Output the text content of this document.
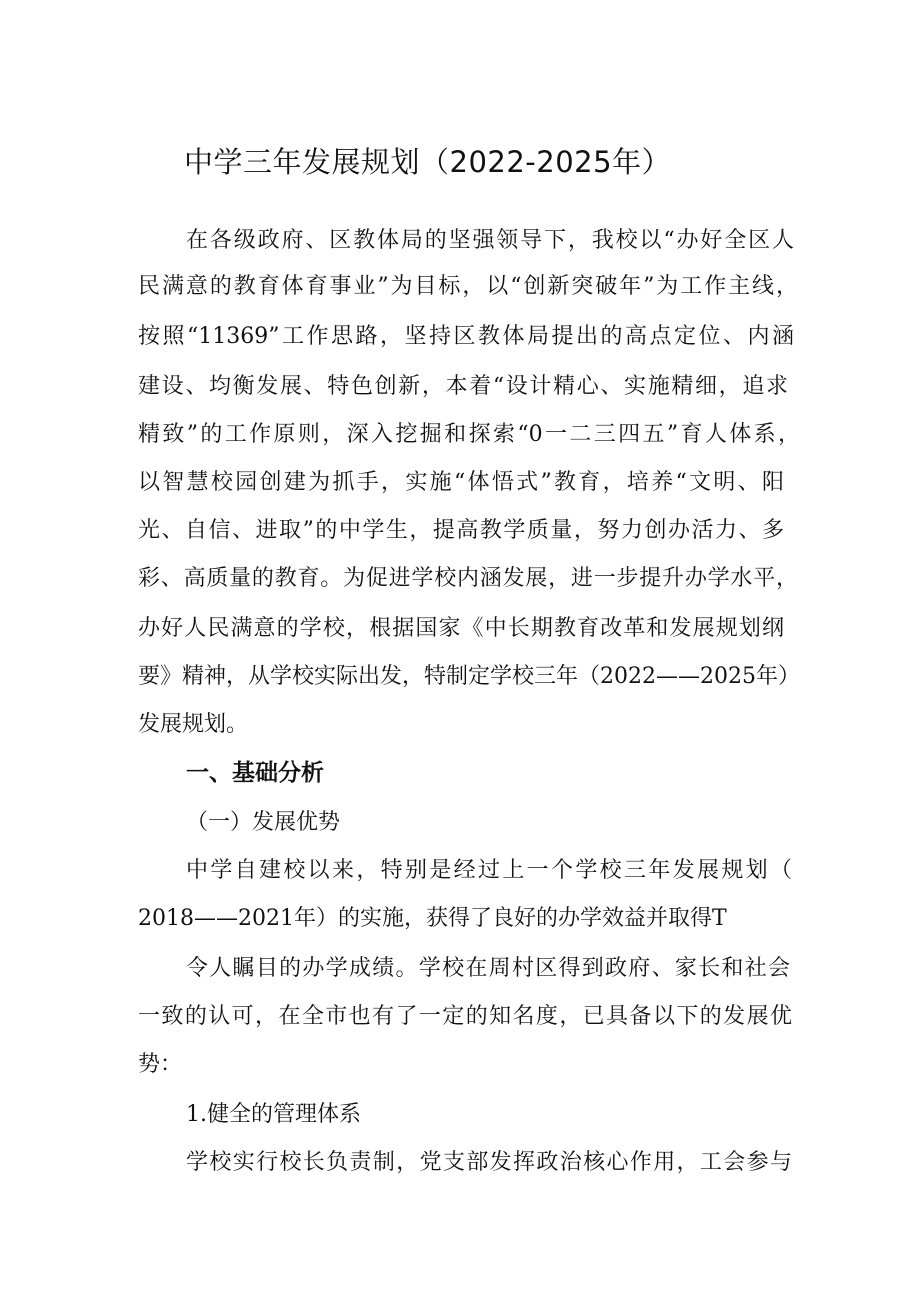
中学三年发展规划（2022-2025年）
在各级政府、区教体局的坚强领导下，我校以“办好全区人
民满意的教育体育事业”为目标，以“创新突破年”为工作主线，
按照“11369”工作思路，坚持区教体局提出的高点定位、内涵
建设、均衡发展、特色创新，本着“设计精心、实施精细，追求
精致”的工作原则，深入挖掘和探索“0一二三四五”育人体系，
以智慧校园创建为抓手，实施“体悟式”教育，培养“文明、阳
光、自信、进取”的中学生，提高教学质量，努力创办活力、多
彩、高质量的教育。为促进学校内涵发展，进一步提升办学水平，
办好人民满意的学校，根据国家《中长期教育改革和发展规划纲
要》精神，从学校实际出发，特制定学校三年（2022——2025年）
发展规划。
一、基础分析
（一）发展优势
中学自建校以来，特别是经过上一个学校三年发展规划（
2018——2021年）的实施，获得了良好的办学效益并取得T
令人瞩目的办学成绩。学校在周村区得到政府、家长和社会
一致的认可，在全市也有了一定的知名度，已具备以下的发展优
势：
1.健全的管理体系
学校实行校长负责制，党支部发挥政治核心作用，工会参与
